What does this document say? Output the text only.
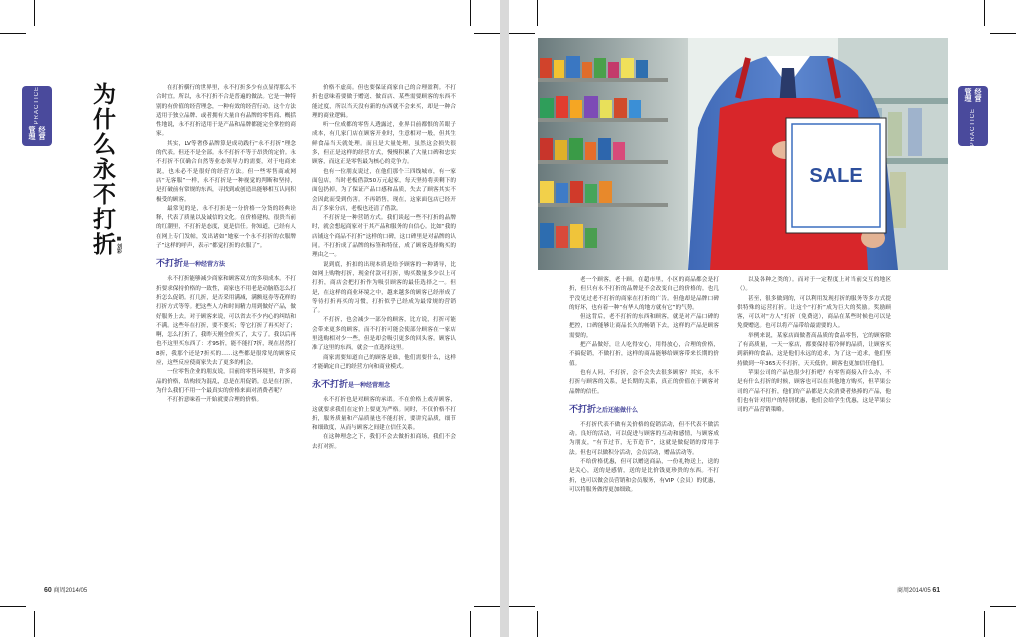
PRACTICE
经营管理	为什么永不打折 ■ 刘彩

在打折横行的世界里，永不打折多少有点显得那么不合时宜。所以，永不打折不合是普遍的做法。它是一种特别的有价值的经营理念，一种有效的经营行动。这个方法适用于独立品牌、或者拥有大量自有品牌的零售商、概括性地说，永不打折适用于是产品和品牌都能完全掌控的商家。

其实，LV等奢侈品牌算是成功践行“永不打折”理念的代表。但还不是全部。永不打折不等于昂贵的定价。永不打折不仅确合自然等业态领导力的需要，对于电商来说，也未必不是很好的经营方法。但一些零售商或网店“无客服”一样，永不打折是一种视觉的判断和坚持，是打破前有常规的东西，寻找到或创造出能够相互认同积极受的顾客。

最常见的是，永不打折是一分价格一分货的经典诠释，代表了质量以及诚信的文化。在价格建构，很贵当前的红潮里，不打折是态度，更是信任。你知道，已经有人在网上专门发帖，发出诸如“她家一个永不打折的衣服牌子”这样的呼声，表示“都觉打折的衣服了”。

不打折是一种经营方法

永不打折能够减少商家和顾客双方的多项成本。不打折要求保持价格的一致性，商家也不用老是动脑筋怎么打折怎么促销。打几折，是否采用满减，满额返券等花样的打折方式等等。把这些人力和时间精力用到做好产品，做好服务上去。对于顾客来说，可以省去不少内心的纠结和不满。这些年在打折，要不要买；等它打折了再买好了；啊，怎么打折了，我昨天刚全价买了，太亏了。我以后再也不这里买东西了：才95折，能不能打7折，现在居然打8折，我那个还是7折买的……这些都是很常见的顾客反应，这些反应使商家失去了更多的机会。

一位零售企业的朋友说，目前的零售环境里，许多商品的价格，结构较为混乱，总是在用促销。总是在打折，为什么我们不用一个最真实的价格来面对消费者呢？

不打折意味着一开始就要合理的价格。

价格不虚高。但也要保证商家自己的合理盈利。不打折也意味着要做于赠送、做首店、某些需要顾客的东西不能过度，所以当天没有新的东西就不会来买，却是一种合理的商业逻辑。

听一位成都的零售人透露过，业界目前都恨的苦眼子成本，有几家门店在顾客开业时，生意相对一般，但其生鲜食品当天就处理。而且是大量处理，虽然这会损失很多，但正是这样的经营方式，慢慢积累了大量口碑和忠实顾客，而这正是零售最为核心的竞争力。

也有一位朋友说过，在他们那个三四线城市，有一家面包店，当时老板借款50万元起家，每天坚持将卖剩下的面包扔掉，为了保证产品口感和品质，失去了顾客其实不会因此而受到伤害。不再销售，现在，这家面包店已经开出了多家分店，老板也还清了借款。

不打折是一种营销方式。我们谈起一些不打折的品牌时，就会想起商家对于其产品和服务的自信心。比如“我的店铺这个商品不打折”这样的口碑，这口碑里是对品牌的认同。不打折成了品牌的标签和特征，成了顾客选择购买的理由之一。

说到底，折扣的出现本质是给予顾客的一种诱导，比如网上购物打折，现金付款可打折，购买数量多少以上可打折，商店会把打折作为吸引顾客的最佳选择之一。但是，在这样的商业环境之中，越来越多的顾客已经形成了等待打折再买的习惯，打折似乎已经成为最常规的营销了。

不打折，也会减少一部分的顾客，比方说，打折可能会带来更多的顾客，而不打折可能会使部分顾客在一家店里选购相对少一些，但是却会吸引更多的回头客。顾客认准了这里的东西，就会一直选择这里。

商家需要知道自己的顾客是谁，他们需要什么，这样才能确定自己的经营方向和商业模式。

永不打折是一种经营理念

永不打折也是对顾客的承诺。不在价格上戏弄顾客，这就要求我们在定价上要更为严格。同时，不仅价格不打折，服务质量和产品质量也不能打折，要讲究品质，细节和细致度，从而与顾客之间建立信任关系。

在这种理念之下，我们不会去做折扣商场，我们不会去打对折。

60 商周2014/05
经营管理
PRACTICE
SALE

老一个顾客，老十顾。在超市里，小区的商品都会是打折，但只有永不打折的品牌是不会改变自己的价格的。也几乎没见过老不打折的商家在打折的广告。但他却是品牌口碑的好坏，也有着一种“有华人的地方就有它”的气势。

但这背后，老不打折的东西和顾客，就是对产品口碑的把控，口碑能够让商品长久的畅销下去，这样的产品是顾客需要的。

把产品做好，让人吃得安心，用得放心，合理的价格，不搞促销，不做打折，这样的商品能够给顾客带来长期的价值。

也有人问，不打折，会不会失去很多顾客？其实，永不打折与顾客的关系，是长期的关系，真正的价值在于顾客对品牌的信任。

不打折之后还能做什么

不打折代表不做有关价格的促销活动，但不代表不做活动。良好的活动，可以促进与顾客的互动和感情，与顾客成为朋友，“有节过节，无节造节”，这就是做促销的常用手法。但也可以做积分活动，会员活动，赠品活动等。

不给价格优惠，但可以赠送商品，一份礼物送上，送的是关心，送的是感情，送的是比价钱更珍贵的东西。不打折，也可以做会员营销和会员服务，有VIP（会员）的优惠，可以将服务做得更加细致。

以及各种之类的）。而对于一定程度上对当前交互的地区（）。

甚至，很多做到的，可以利用发现打折的服务等多方式提供特殊的运营打折。让这个“打折”成为巨大的奖励。奖励顾客，可以对“方人”打折（免费送），商品在某些时候也可以是免费赠送。也可以将产品带给最需要的人。

举例来说，某家店面做著高品质的食品零售，它的顾客除了有高质量，一天一家店，都要保持着冷鲜的品质，让顾客买到新鲜的食品，这是他们永远的追求，为了这一追求，他们坚持做到一年365天不打折，天天低价，顾客也更加信任他们。

苹果公司的产品也很少打折吧？有零售商接入什么办，不是有什么打折的时候，顾客也可以在其他地方购买，但苹果公司的产品不打折，他们的产品都是大众消费者热捧的产品，他们也有针对用户的特别优惠，他们会给学生优惠，这是苹果公司的产品营销策略。

商周2014/05 61
